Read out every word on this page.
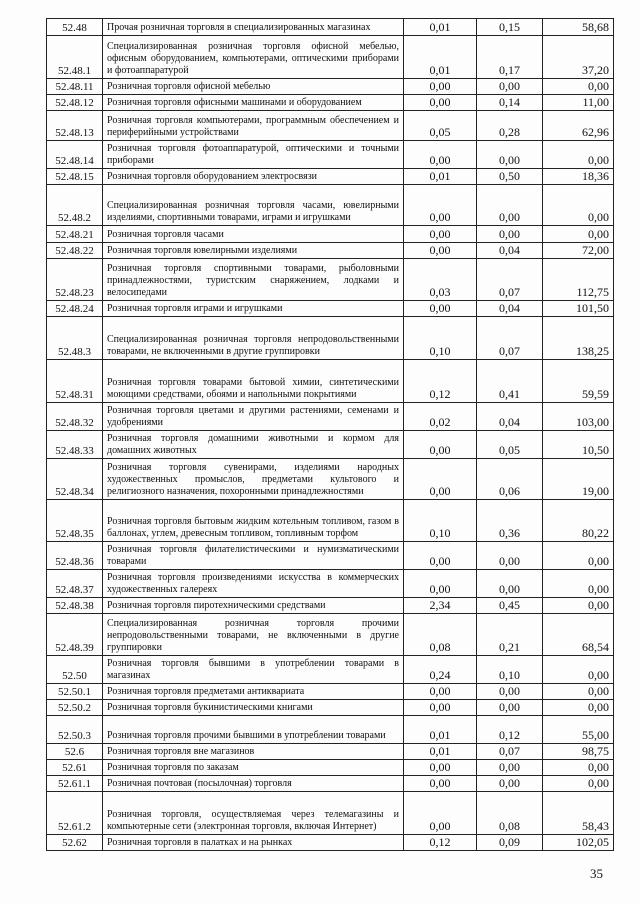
52.48	Прочая розничная торговля в специализированных магазинах	0,01	0,15	58,68
52.48.1	Специализированная розничная торговля офисной мебелью, офисным оборудованием, компьютерами, оптическими приборами и фотоаппаратурой	0,01	0,17	37,20
52.48.11	Розничная торговля офисной мебелью	0,00	0,00	0,00
52.48.12	Розничная торговля офисными машинами и оборудованием	0,00	0,14	11,00
52.48.13	Розничная торговля компьютерами, программным обеспечением и периферийными устройствами	0,05	0,28	62,96
52.48.14	Розничная торговля фотоаппаратурой, оптическими и точными приборами	0,00	0,00	0,00
52.48.15	Розничная торговля оборудованием электросвязи	0,01	0,50	18,36
52.48.2	Специализированная розничная торговля часами, ювелирными изделиями, спортивными товарами, играми и игрушками	0,00	0,00	0,00
52.48.21	Розничная торговля часами	0,00	0,00	0,00
52.48.22	Розничная торговля ювелирными изделиями	0,00	0,04	72,00
52.48.23	Розничная торговля спортивными товарами, рыболовными принадлежностями, туристским снаряжением, лодками и велосипедами	0,03	0,07	112,75
52.48.24	Розничная торговля играми и игрушками	0,00	0,04	101,50
52.48.3	Специализированная розничная торговля непродовольственными товарами, не включенными в другие группировки	0,10	0,07	138,25
52.48.31	Розничная торговля товарами бытовой химии, синтетическими моющими средствами, обоями и напольными покрытиями	0,12	0,41	59,59
52.48.32	Розничная торговля цветами и другими растениями, семенами и удобрениями	0,02	0,04	103,00
52.48.33	Розничная торговля домашними животными и кормом для домашних животных	0,00	0,05	10,50
52.48.34	Розничная торговля сувенирами, изделиями народных художественных промыслов, предметами культового и религиозного назначения, похоронными принадлежностями	0,00	0,06	19,00
52.48.35	Розничная торговля бытовым жидким котельным топливом, газом в баллонах, углем, древесным топливом, топливным торфом	0,10	0,36	80,22
52.48.36	Розничная торговля филателистическими и нумизматическими товарами	0,00	0,00	0,00
52.48.37	Розничная торговля произведениями искусства в коммерческих художественных галереях	0,00	0,00	0,00
52.48.38	Розничная торговля пиротехническими средствами	2,34	0,45	0,00
52.48.39	Специализированная розничная торговля прочими непродовольственными товарами, не включенными в другие группировки	0,08	0,21	68,54
52.50	Розничная торговля бывшими в употреблении товарами в магазинах	0,24	0,10	0,00
52.50.1	Розничная торговля предметами антиквариата	0,00	0,00	0,00
52.50.2	Розничная торговля букинистическими книгами	0,00	0,00	0,00
52.50.3	Розничная торговля прочими бывшими в употреблении товарами	0,01	0,12	55,00
52.6	Розничная торговля вне магазинов	0,01	0,07	98,75
52.61	Розничная торговля по заказам	0,00	0,00	0,00
52.61.1	Розничная почтовая (посылочная) торговля	0,00	0,00	0,00
52.61.2	Розничная торговля, осуществляемая через телемагазины и компьютерные сети (электронная торговля, включая Интернет)	0,00	0,08	58,43
52.62	Розничная торговля в палатках и на рынках	0,12	0,09	102,05
35
